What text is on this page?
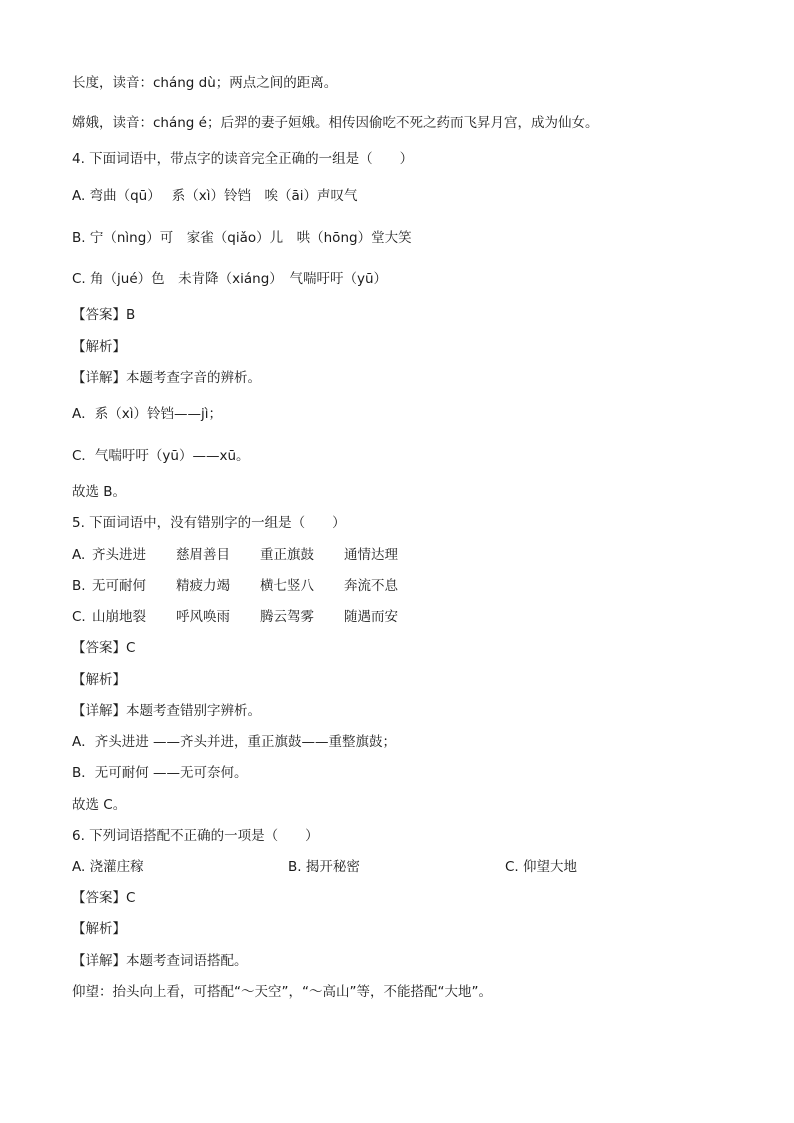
长度，读音：cháng dù；两点之间的距离。
嫦娥，读音：cháng é；后羿的妻子姮娥。相传因偷吃不死之药而飞昇月宫，成为仙女。
4. 下面词语中，带点字的读音完全正确的一组是（　　）
A. 弯曲（qū）　 系（xì）铃铛　唉（āi）声叹气
B. 宁（nìng）可　家雀（qiǎo）儿　哄（hōng）堂大笑
C. 角（jué）色　未肯降（xiáng）　气喘吁吁（yū）
【答案】B
【解析】
【详解】本题考查字音的辨析。
A．系（xì）铃铛——jì；
C．气喘吁吁（yū）——xū。
故选 B。
5. 下面词语中，没有错别字的一组是（　　）
A. 齐头进进 慈眉善目 重正旗鼓 通情达理
B. 无可耐何 精疲力竭 横七竖八 奔流不息
C. 山崩地裂 呼风唤雨 腾云驾雾 随遇而安
【答案】C
【解析】
【详解】本题考查错别字辨析。
A．齐头进进 ——齐头并进，重正旗鼓——重整旗鼓；
B．无可耐何 ——无可奈何。
故选 C。
6. 下列词语搭配不正确的一项是（　　）
A. 浇灌庄稼	B. 揭开秘密	C. 仰望大地
【答案】C
【解析】
【详解】本题考查词语搭配。
仰望：抬头向上看，可搭配“～天空”，“～高山”等，不能搭配“大地”。
